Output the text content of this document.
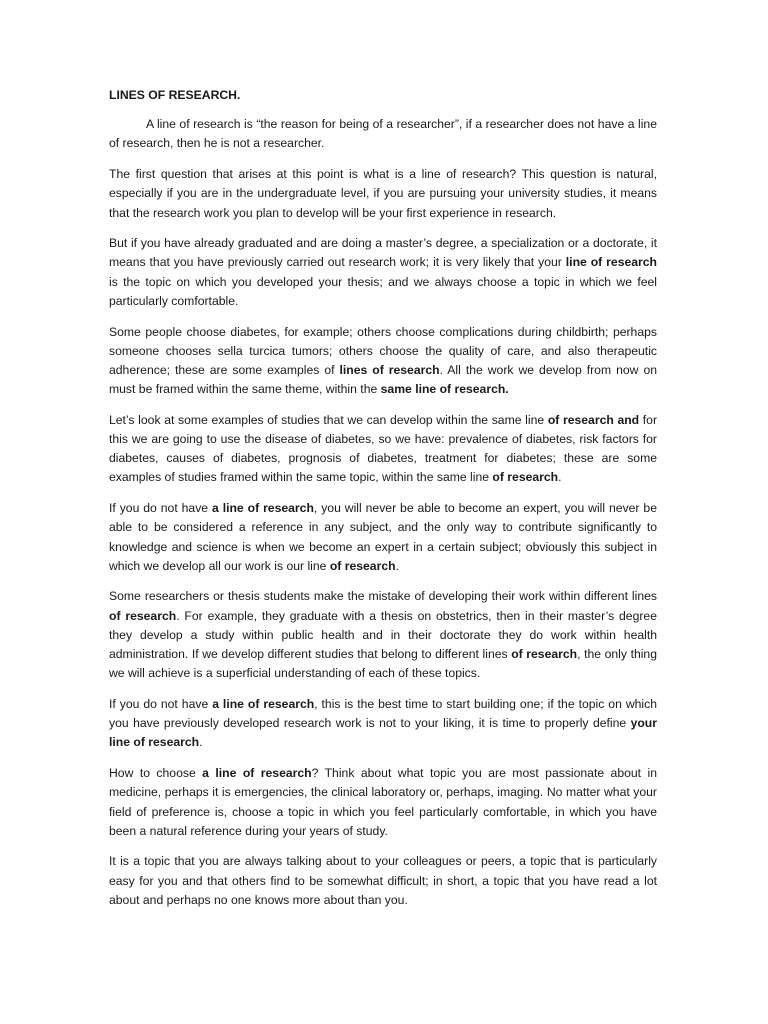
LINES OF RESEARCH.

A line of research is “the reason for being of a researcher”, if a researcher does not have a line of research, then he is not a researcher.

The first question that arises at this point is what is a line of research? This question is natural, especially if you are in the undergraduate level, if you are pursuing your university studies, it means that the research work you plan to develop will be your first experience in research.

But if you have already graduated and are doing a master’s degree, a specialization or a doctorate, it means that you have previously carried out research work; it is very likely that your line of research is the topic on which you developed your thesis; and we always choose a topic in which we feel particularly comfortable.

Some people choose diabetes, for example; others choose complications during childbirth; perhaps someone chooses sella turcica tumors; others choose the quality of care, and also therapeutic adherence; these are some examples of lines of research. All the work we develop from now on must be framed within the same theme, within the same line of research.

Let’s look at some examples of studies that we can develop within the same line of research and for this we are going to use the disease of diabetes, so we have: prevalence of diabetes, risk factors for diabetes, causes of diabetes, prognosis of diabetes, treatment for diabetes; these are some examples of studies framed within the same topic, within the same line of research.

If you do not have a line of research, you will never be able to become an expert, you will never be able to be considered a reference in any subject, and the only way to contribute significantly to knowledge and science is when we become an expert in a certain subject; obviously this subject in which we develop all our work is our line of research.

Some researchers or thesis students make the mistake of developing their work within different lines of research. For example, they graduate with a thesis on obstetrics, then in their master’s degree they develop a study within public health and in their doctorate they do work within health administration. If we develop different studies that belong to different lines of research, the only thing we will achieve is a superficial understanding of each of these topics.

If you do not have a line of research, this is the best time to start building one; if the topic on which you have previously developed research work is not to your liking, it is time to properly define your line of research.

How to choose a line of research? Think about what topic you are most passionate about in medicine, perhaps it is emergencies, the clinical laboratory or, perhaps, imaging. No matter what your field of preference is, choose a topic in which you feel particularly comfortable, in which you have been a natural reference during your years of study.

It is a topic that you are always talking about to your colleagues or peers, a topic that is particularly easy for you and that others find to be somewhat difficult; in short, a topic that you have read a lot about and perhaps no one knows more about than you.
